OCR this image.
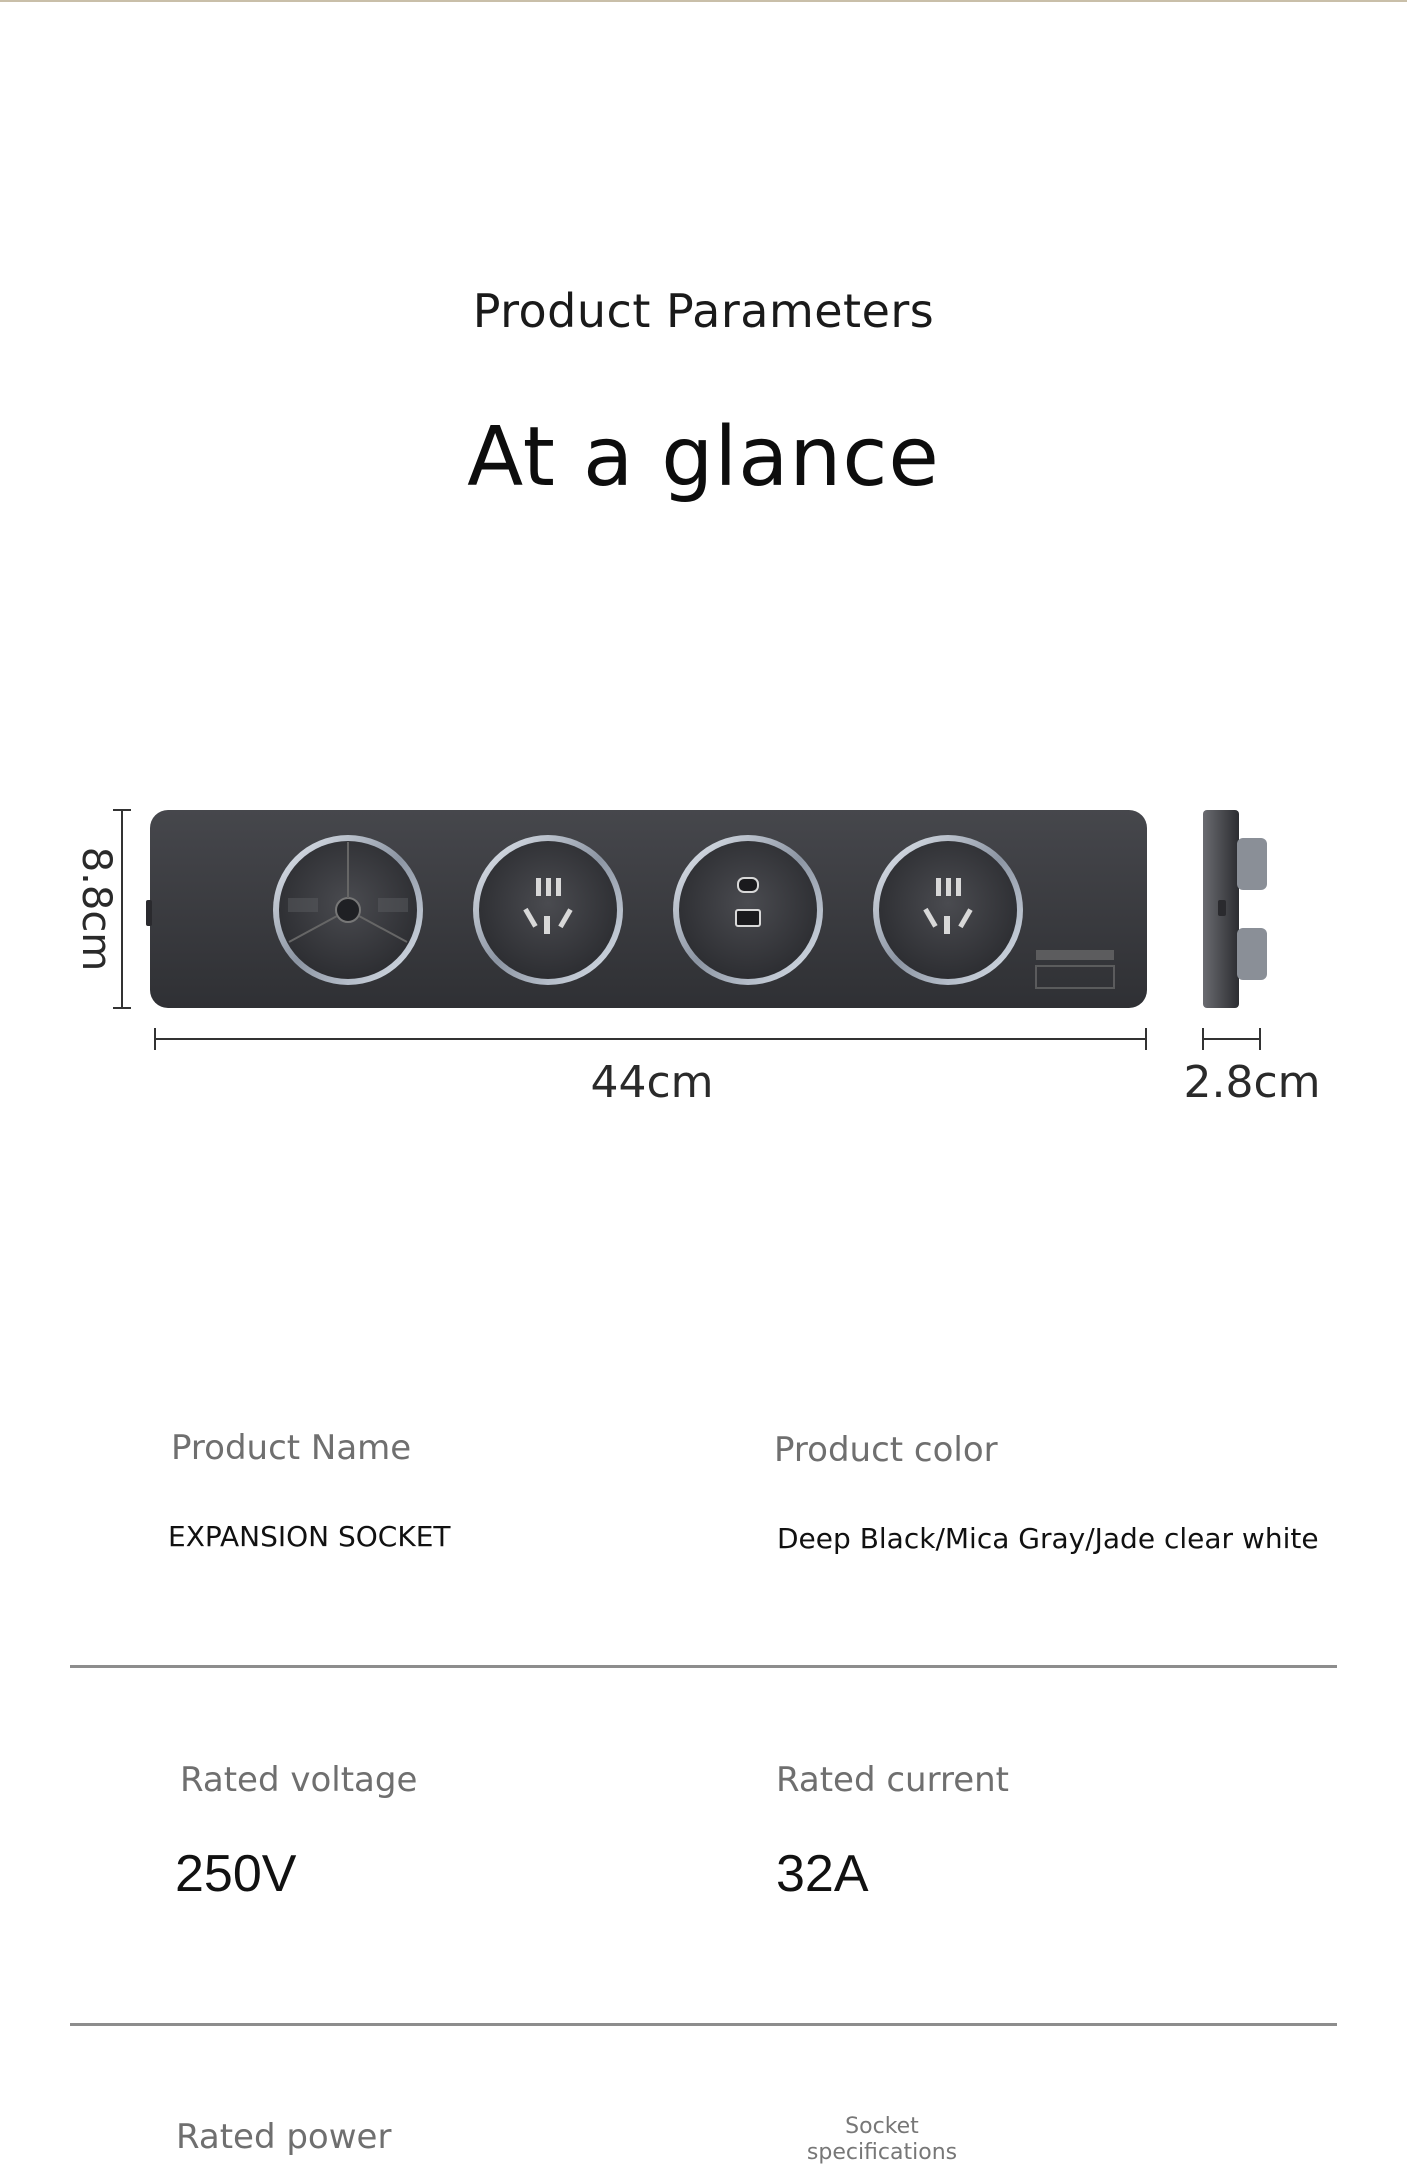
Product Parameters
At a glance
8.8cm
44cm	2.8cm
Product Name	Product color
EXPANSION SOCKET	Deep Black/Mica Gray/Jade clear white
Rated voltage	Rated current
250V	32A
Rated power	Socket
specifications
